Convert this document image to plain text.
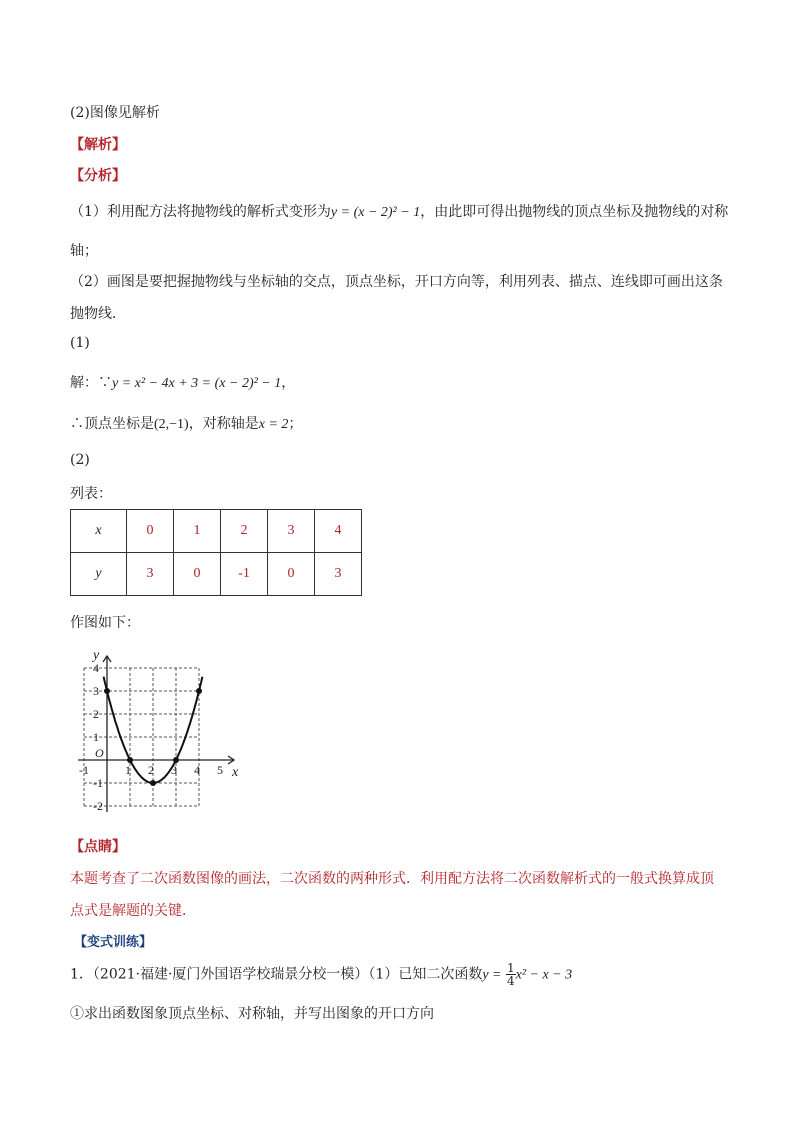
(2)图像见解析
【解析】
【分析】
（1）利用配方法将抛物线的解析式变形为y = (x − 2)² − 1，由此即可得出抛物线的顶点坐标及抛物线的对称
轴；
（2）画图是要把握抛物线与坐标轴的交点，顶点坐标，开口方向等，利用列表、描点、连线即可画出这条
抛物线．
(1)
解：∵y = x² − 4x + 3 = (x − 2)² − 1，
∴顶点坐标是(2,−1)，对称轴是x = 2；
(2)
列表：
x	0	1	2	3	4
y	3	0	-1	0	3
作图如下：
y
x
O
-1	1 2 3 4 5
4
3
2
1
-1
-2
【点睛】
本题考查了二次函数图像的画法，二次函数的两种形式．利用配方法将二次函数解析式的一般式换算成顶
点式是解题的关键．
【变式训练】
1．（2021·福建·厦门外国语学校瑞景分校一模）（1）已知二次函数$y = \frac{1}{4} x^2 - x - 3$
①求出函数图象顶点坐标、对称轴，并写出图象的开口方向
